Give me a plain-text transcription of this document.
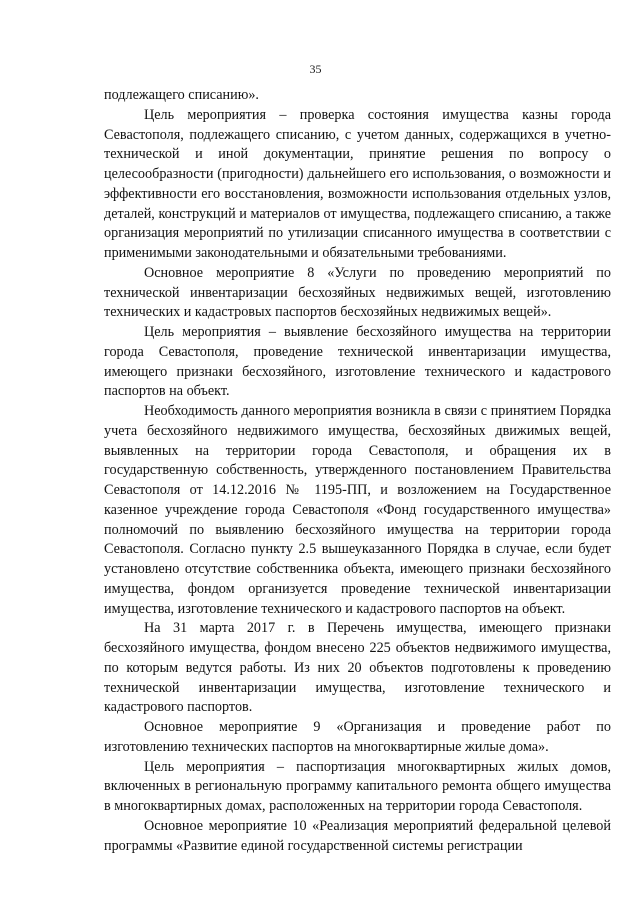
35

подлежащего списанию».

Цель мероприятия – проверка состояния имущества казны города Севастополя, подлежащего списанию, с учетом данных, содержащихся в учетно-технической и иной документации, принятие решения по вопросу о целесообразности (пригодности) дальнейшего его использования, о возможности и эффективности его восстановления, возможности использования отдельных узлов, деталей, конструкций и материалов от имущества, подлежащего списанию, а также организация мероприятий по утилизации списанного имущества в соответствии с применимыми законодательными и обязательными требованиями.

Основное мероприятие 8 «Услуги по проведению мероприятий по технической инвентаризации бесхозяйных недвижимых вещей, изготовлению технических и кадастровых паспортов бесхозяйных недвижимых вещей».

Цель мероприятия – выявление бесхозяйного имущества на территории города Севастополя, проведение технической инвентаризации имущества, имеющего признаки бесхозяйного, изготовление технического и кадастрового паспортов на объект.

Необходимость данного мероприятия возникла в связи с принятием Порядка учета бесхозяйного недвижимого имущества, бесхозяйных движимых вещей, выявленных на территории города Севастополя, и обращения их в государственную собственность, утвержденного постановлением Правительства Севастополя от 14.12.2016 № 1195-ПП, и возложением на Государственное казенное учреждение города Севастополя «Фонд государственного имущества» полномочий по выявлению бесхозяйного имущества на территории города Севастополя. Согласно пункту 2.5 вышеуказанного Порядка в случае, если будет установлено отсутствие собственника объекта, имеющего признаки бесхозяйного имущества, фондом организуется проведение технической инвентаризации имущества, изготовление технического и кадастрового паспортов на объект.

На 31 марта 2017 г. в Перечень имущества, имеющего признаки бесхозяйного имущества, фондом внесено 225 объектов недвижимого имущества, по которым ведутся работы. Из них 20 объектов подготовлены к проведению технической инвентаризации имущества, изготовление технического и кадастрового паспортов.

Основное мероприятие 9 «Организация и проведение работ по изготовлению технических паспортов на многоквартирные жилые дома».

Цель мероприятия – паспортизация многоквартирных жилых домов, включенных в региональную программу капитального ремонта общего имущества в многоквартирных домах, расположенных на территории города Севастополя.

Основное мероприятие 10 «Реализация мероприятий федеральной целевой программы «Развитие единой государственной системы регистрации
